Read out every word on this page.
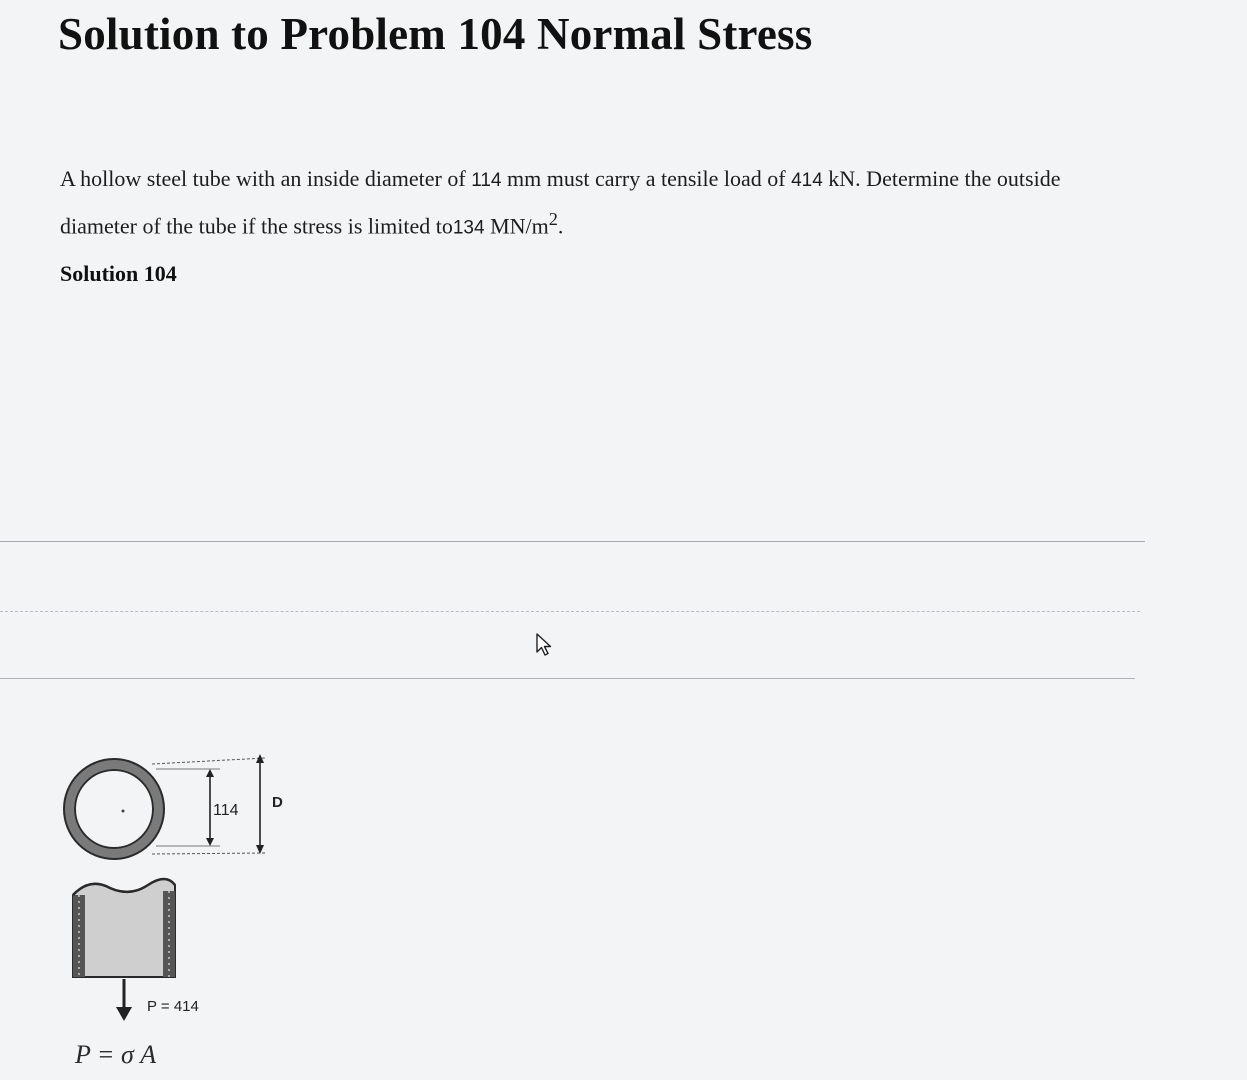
Solution to Problem 104 Normal Stress

A hollow steel tube with an inside diameter of 114 mm must carry a tensile load of 414 kN. Determine the outside diameter of the tube if the stress is limited to134 $MN/m^2$.

Solution 104
114 D
P = 414

P = σ A
